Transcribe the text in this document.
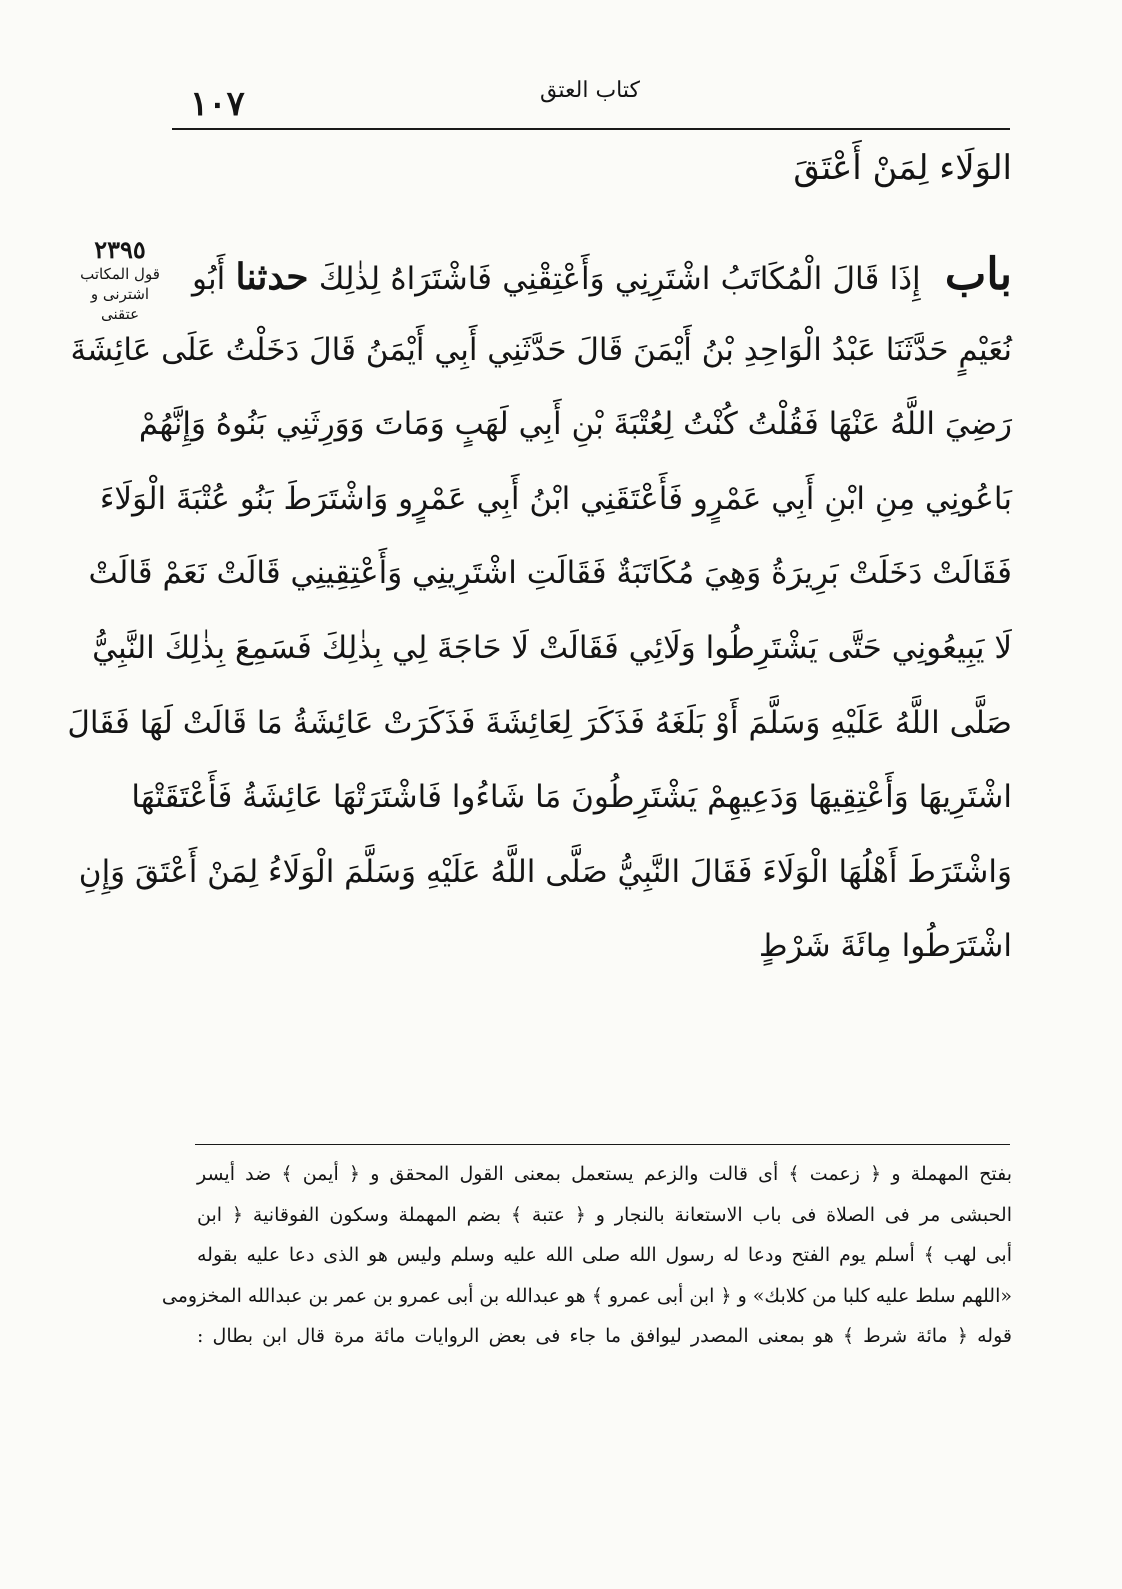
كتاب العتق
١٠٧
الوَلَاء لِمَنْ أَعْتَقَ
٢٣٩٥
قول المكاتب
اشترنى و عتقنى
باب إِذَا قَالَ الْمُكَاتَبُ اشْتَرِنِي وَأَعْتِقْنِي فَاشْتَرَاهُ لِذٰلِكَ حدثنا أَبُو
نُعَيْمٍ حَدَّثَنَا عَبْدُ الْوَاحِدِ بْنُ أَيْمَنَ قَالَ حَدَّثَنِي أَبِي أَيْمَنُ قَالَ دَخَلْتُ عَلَى عَائِشَةَ
رَضِيَ اللَّهُ عَنْهَا فَقُلْتُ كُنْتُ لِعُتْبَةَ بْنِ أَبِي لَهَبٍ وَمَاتَ وَوَرِثَنِي بَنُوهُ وَإِنَّهُمْ
بَاعُونِي مِنِ ابْنِ أَبِي عَمْرٍو فَأَعْتَقَنِي ابْنُ أَبِي عَمْرٍو وَاشْتَرَطَ بَنُو عُتْبَةَ الْوَلَاءَ
فَقَالَتْ دَخَلَتْ بَرِيرَةُ وَهِيَ مُكَاتَبَةٌ فَقَالَتِ اشْتَرِينِي وَأَعْتِقِينِي قَالَتْ نَعَمْ قَالَتْ
لَا يَبِيعُونِي حَتَّى يَشْتَرِطُوا وَلَائِي فَقَالَتْ لَا حَاجَةَ لِي بِذٰلِكَ فَسَمِعَ بِذٰلِكَ النَّبِيُّ
صَلَّى اللَّهُ عَلَيْهِ وَسَلَّمَ أَوْ بَلَغَهُ فَذَكَرَ لِعَائِشَةَ فَذَكَرَتْ عَائِشَةُ مَا قَالَتْ لَهَا فَقَالَ
اشْتَرِيهَا وَأَعْتِقِيهَا وَدَعِيهِمْ يَشْتَرِطُونَ مَا شَاءُوا فَاشْتَرَتْهَا عَائِشَةُ فَأَعْتَقَتْهَا
وَاشْتَرَطَ أَهْلُهَا الْوَلَاءَ فَقَالَ النَّبِيُّ صَلَّى اللَّهُ عَلَيْهِ وَسَلَّمَ الْوَلَاءُ لِمَنْ أَعْتَقَ وَإِنِ
اشْتَرَطُوا مِائَةَ شَرْطٍ
بفتح المهملة و ﴿ زعمت ﴾ أى قالت والزعم يستعمل بمعنى القول المحقق و ﴿ أيمن ﴾ ضد أيسر
الحبشى مر فى الصلاة فى باب الاستعانة بالنجار و ﴿ عتبة ﴾ بضم المهملة وسكون الفوقانية ﴿ ابن
أبى لهب ﴾ أسلم يوم الفتح ودعا له رسول الله صلى الله عليه وسلم وليس هو الذى دعا عليه بقوله
«اللهم سلط عليه كلبا من كلابك» و ﴿ ابن أبى عمرو ﴾ هو عبدالله بن أبى عمرو بن عمر بن عبدالله المخزومى
قوله ﴿ مائة شرط ﴾ هو بمعنى المصدر ليوافق ما جاء فى بعض الروايات مائة مرة قال ابن بطال :
